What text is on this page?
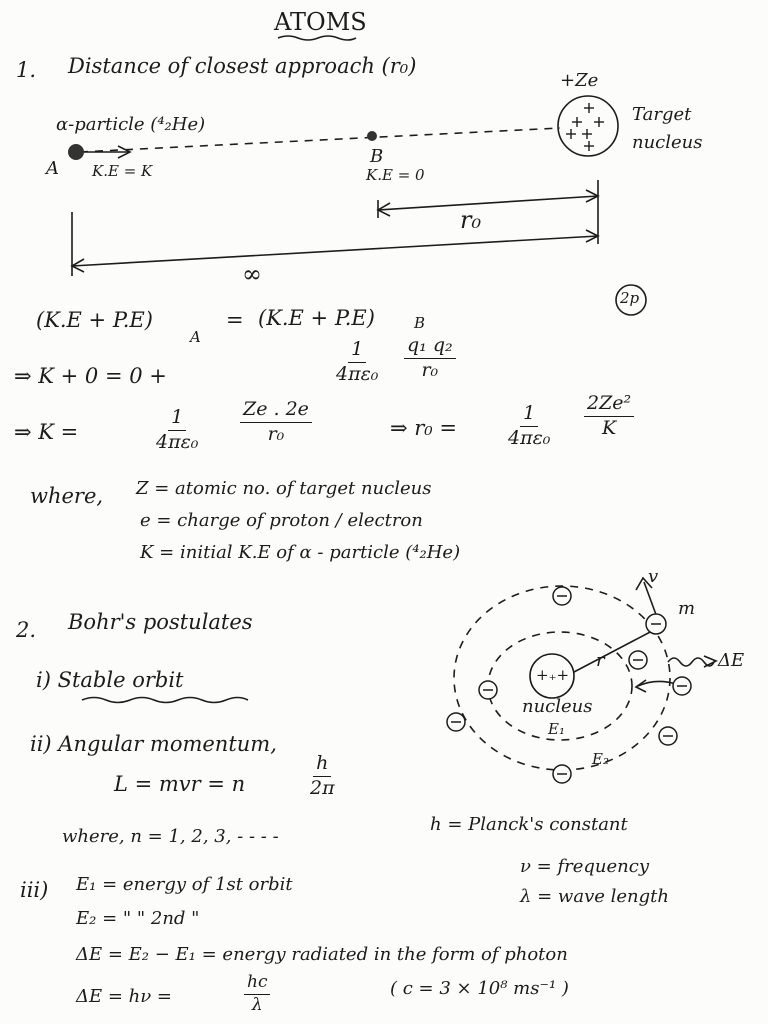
ATOMS
1. Distance of closest approach (r₀)
+Ze
α-particle (⁴₂He)	Target
nucleus
A K.E = K
B
K.E = 0
r₀
∞
2p
(K.E + P.E)
A
= (K.E + P.E)	B
⇒ K + 0 = 0 +	$\frac{1}{\text{4πε₀}} \frac{\text{q₁ q₂}}{\text{r₀}}$
⇒ K =	$\frac{1}{\text{4πε₀}} \frac{Ze . 2e}{\text{r₀}}$	⇒ r₀ =	$\frac{1}{\text{4πε₀}} \frac{\text{2Ze²}}{K}$
where, Z = atomic no. of target nucleus
e = charge of proton / electron
K = initial K.E of α - particle (⁴₂He)
2. Bohr's postulates
i) Stable orbit
ii) Angular momentum,
L = mvr = n	$\frac{h}{2\pi}$
where, n = 1, 2, 3, - - - -
h = Planck's constant
+₊+
nucleus
r
v
m
ΔE
E₁
E₂
iii) E₁ = energy of 1st orbit
E₂ = " " 2nd "
ΔE = E₂ − E₁ = energy radiated in the form of photon
ΔE = hν =	$\frac{hc}{\lambda}$	( c = 3 × 10⁸ ms⁻¹ )
ν = frequency
λ = wave length
